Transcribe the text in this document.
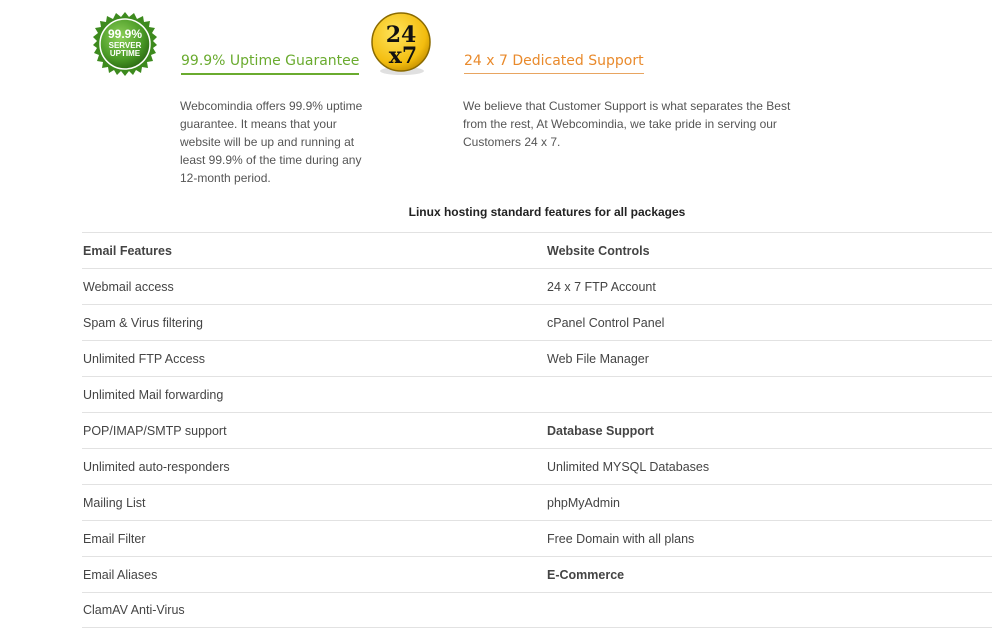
99.9%
SERVER
UPTIME	99.9% Uptime Guarantee
Webcomindia offers 99.9% uptime guarantee. It means that your website will be up and running at least 99.9% of the time during any 12-month period.
24
x7	24 x 7 Dedicated Support
We believe that Customer Support is what separates the Best from the rest, At Webcomindia, we take pride in serving our Customers 24 x 7.
Linux hosting standard features for all packages
Email Features	Website Controls
Webmail access	24 x 7 FTP Account
Spam & Virus filtering	cPanel Control Panel
Unlimited FTP Access	Web File Manager
Unlimited Mail forwarding
POP/IMAP/SMTP support	Database Support
Unlimited auto-responders	Unlimited MYSQL Databases
Mailing List	phpMyAdmin
Email Filter	Free Domain with all plans
Email Aliases	E-Commerce
ClamAV Anti-Virus
